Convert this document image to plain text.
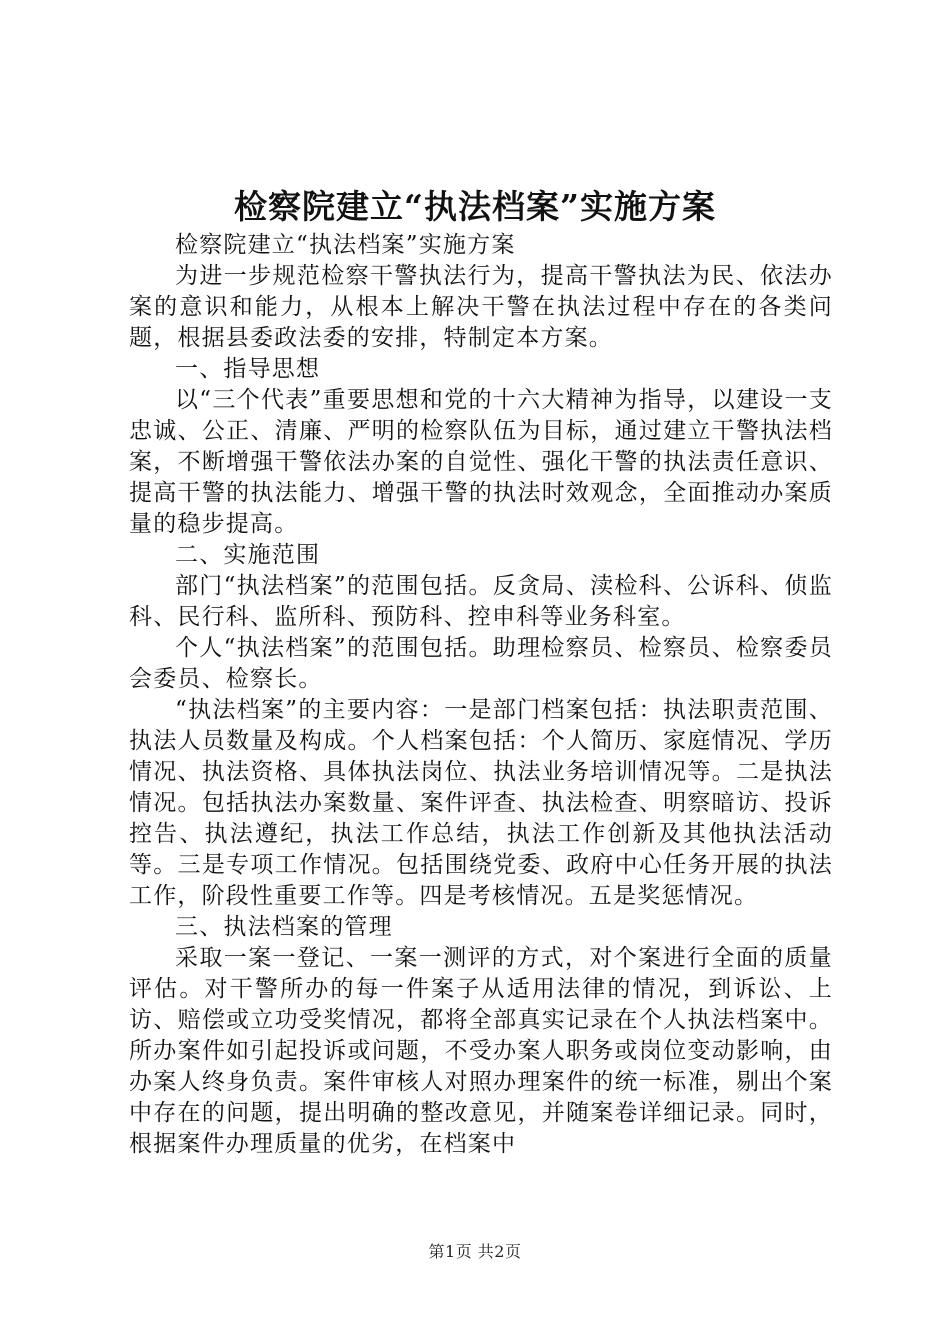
检察院建立“执法档案”实施方案

检察院建立“执法档案”实施方案

为进一步规范检察干警执法行为，提高干警执法为民、依法办案的意识和能力，从根本上解决干警在执法过程中存在的各类问题，根据县委政法委的安排，特制定本方案。

一、指导思想

以“三个代表”重要思想和党的十六大精神为指导，以建设一支忠诚、公正、清廉、严明的检察队伍为目标，通过建立干警执法档案，不断增强干警依法办案的自觉性、强化干警的执法责任意识、提高干警的执法能力、增强干警的执法时效观念，全面推动办案质量的稳步提高。

二、实施范围

部门“执法档案”的范围包括。反贪局、渎检科、公诉科、侦监科、民行科、监所科、预防科、控申科等业务科室。

个人“执法档案”的范围包括。助理检察员、检察员、检察委员会委员、检察长。

“执法档案”的主要内容：一是部门档案包括：执法职责范围、执法人员数量及构成。个人档案包括：个人简历、家庭情况、学历情况、执法资格、具体执法岗位、执法业务培训情况等。二是执法情况。包括执法办案数量、案件评查、执法检查、明察暗访、投诉控告、执法遵纪，执法工作总结，执法工作创新及其他执法活动等。三是专项工作情况。包括围绕党委、政府中心任务开展的执法工作，阶段性重要工作等。四是考核情况。五是奖惩情况。

三、执法档案的管理

采取一案一登记、一案一测评的方式，对个案进行全面的质量评估。对干警所办的每一件案子从适用法律的情况，到诉讼、上访、赔偿或立功受奖情况，都将全部真实记录在个人执法档案中。所办案件如引起投诉或问题，不受办案人职务或岗位变动影响，由办案人终身负责。案件审核人对照办理案件的统一标准，剔出个案中存在的问题，提出明确的整改意见，并随案卷详细记录。同时，根据案件办理质量的优劣，在档案中

第1页 共2页
